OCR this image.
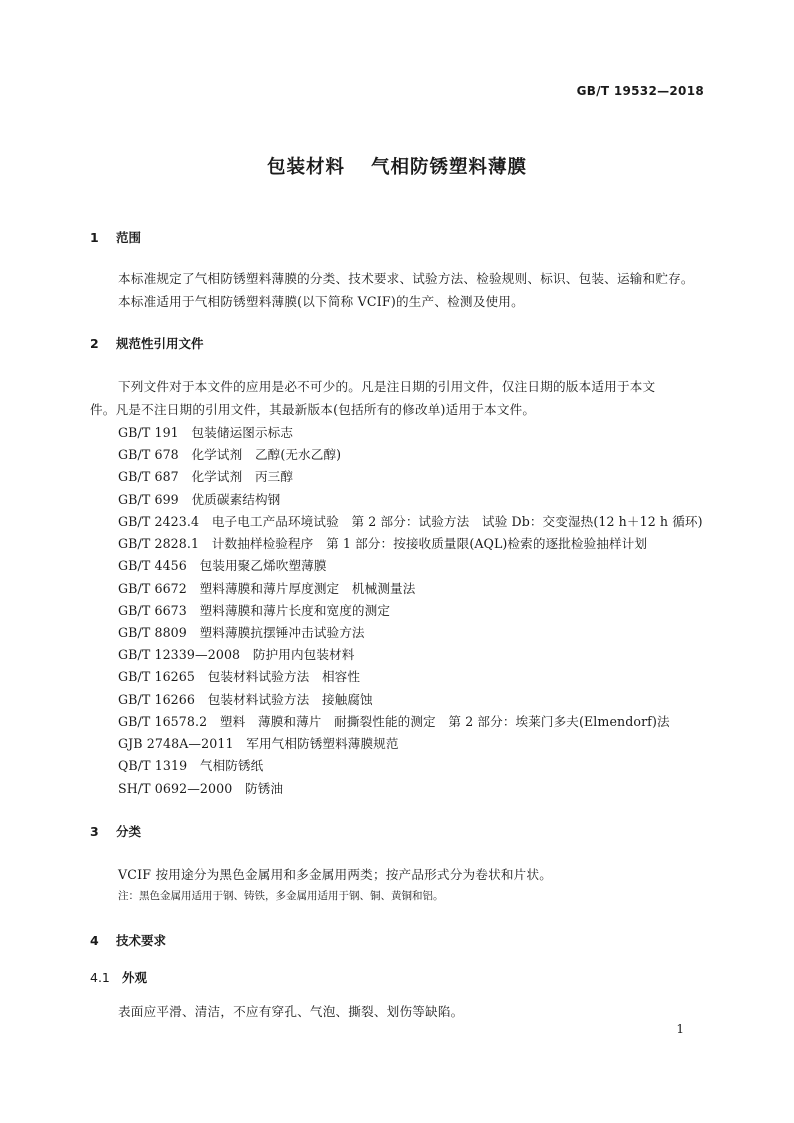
GB/T 19532—2018
包装材料 气相防锈塑料薄膜
1 范围
本标准规定了气相防锈塑料薄膜的分类、技术要求、试验方法、检验规则、标识、包装、运输和贮存。
本标准适用于气相防锈塑料薄膜(以下简称 VCIF)的生产、检测及使用。
2 规范性引用文件
下列文件对于本文件的应用是必不可少的。凡是注日期的引用文件，仅注日期的版本适用于本文
件。凡是不注日期的引用文件，其最新版本(包括所有的修改单)适用于本文件。
GB/T 191　包装储运图示标志
GB/T 678　化学试剂　乙醇(无水乙醇)
GB/T 687　化学试剂　丙三醇
GB/T 699　优质碳素结构钢
GB/T 2423.4　电子电工产品环境试验　第 2 部分：试验方法　试验 Db：交变湿热(12 h＋12 h 循环)
GB/T 2828.1　计数抽样检验程序　第 1 部分：按接收质量限(AQL)检索的逐批检验抽样计划
GB/T 4456　包装用聚乙烯吹塑薄膜
GB/T 6672　塑料薄膜和薄片厚度测定　机械测量法
GB/T 6673　塑料薄膜和薄片长度和宽度的测定
GB/T 8809　塑料薄膜抗摆锤冲击试验方法
GB/T 12339—2008　防护用内包装材料
GB/T 16265　包装材料试验方法　相容性
GB/T 16266　包装材料试验方法　接触腐蚀
GB/T 16578.2　塑料　薄膜和薄片　耐撕裂性能的测定　第 2 部分：埃莱门多夫(Elmendorf)法
GJB 2748A—2011　军用气相防锈塑料薄膜规范
QB/T 1319　气相防锈纸
SH/T 0692—2000　防锈油
3 分类
VCIF 按用途分为黑色金属用和多金属用两类；按产品形式分为卷状和片状。
注：黑色金属用适用于钢、铸铁，多金属用适用于钢、铜、黄铜和铝。
4 技术要求
4.1 外观
表面应平滑、清洁，不应有穿孔、气泡、撕裂、划伤等缺陷。
1
